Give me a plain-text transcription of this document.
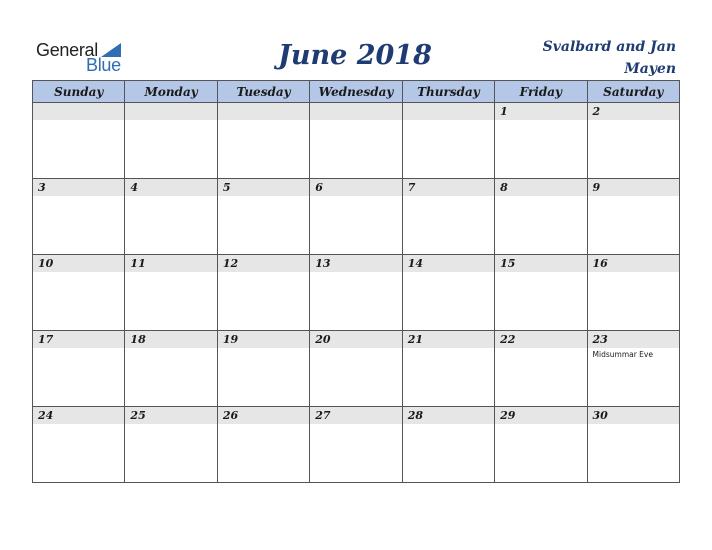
General
Blue	June 2018	Svalbard and Jan Mayen
Sunday	Monday	Tuesday	Wednesday	Thursday	Friday	Saturday

					1	2

3	4	5	6	7	8	9

10	11	12	13	14	15	16

17	18	19	20	21	22	23
Midsummar Eve

24	25	26	27	28	29	30
